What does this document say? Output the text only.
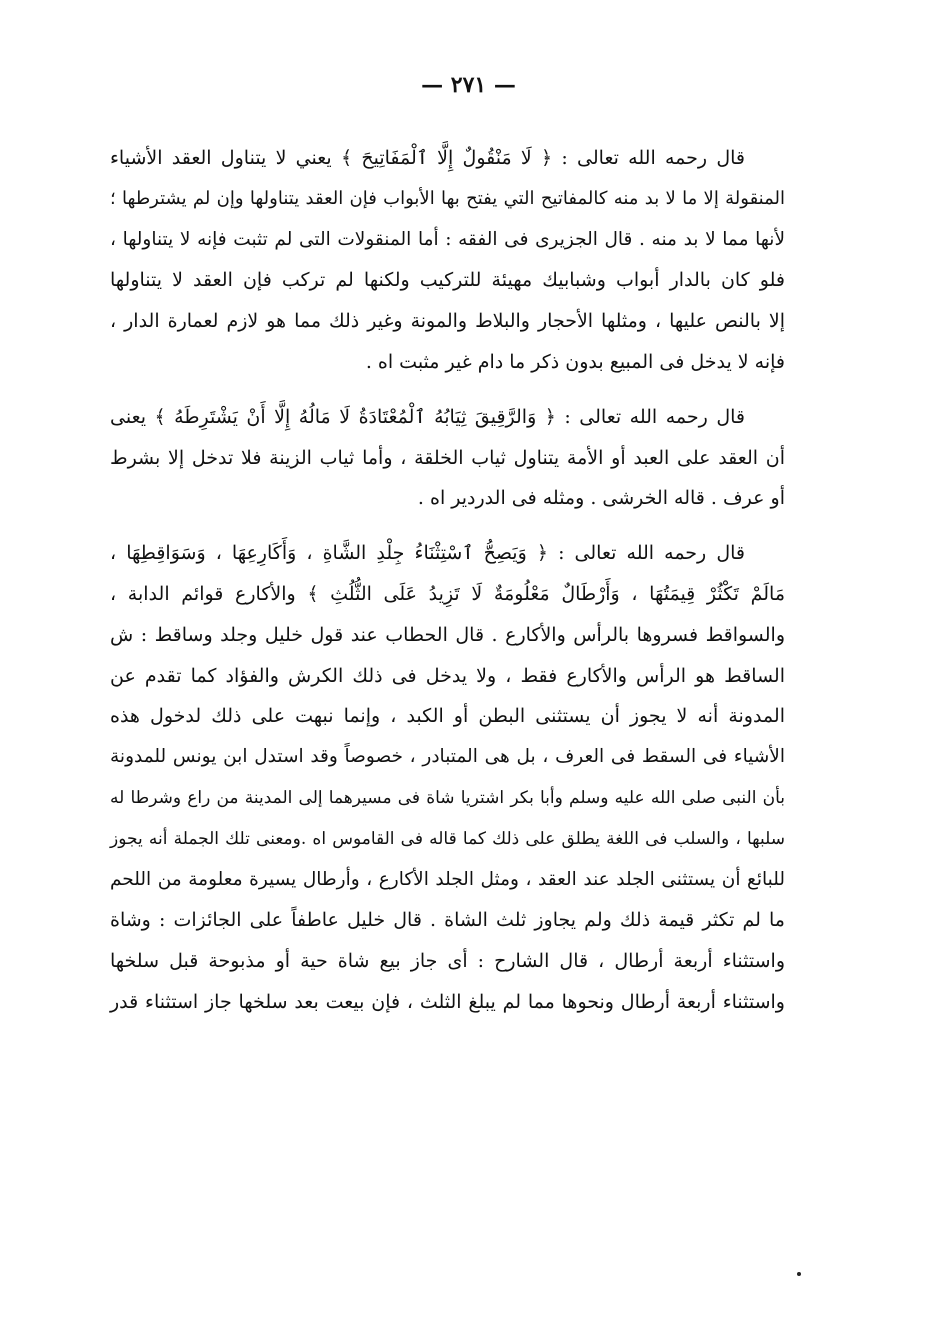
— ٢٧١ —
قال رحمه الله تعالى : ﴿ لَا مَنْقُولٌ إِلَّا ٱلْمَفَاتِيحَ ﴾ يعني لا يتناول العقد الأشياء
المنقولة إلا ما لا بد منه كالمفاتيح التي يفتح بها الأبواب فإن العقد يتناولها وإن لم يشترطها ؛
لأنها مما لا بد منه . قال الجزيرى فى الفقه : أما المنقولات التى لم تثبت فإنه لا يتناولها ،
فلو كان بالدار أبواب وشبابيك مهيئة للتركيب ولكنها لم تركب فإن العقد لا يتناولها
إلا بالنص عليها ، ومثلها الأحجار والبلاط والمونة وغير ذلك مما هو لازم لعمارة الدار ،
فإنه لا يدخل فى المبيع بدون ذكر ما دام غير مثبت اه .
قال رحمه الله تعالى : ﴿ وَالرَّقِيقَ ثِيَابُهُ ٱلْمُعْتَادَةُ لَا مَالُهُ إِلَّا أَنْ يَشْتَرِطَهُ ﴾ يعنى
أن العقد على العبد أو الأمة يتناول ثياب الخلقة ، وأما ثياب الزينة فلا تدخل إلا بشرط
أو عرف . قاله الخرشى . ومثله فى الدردير اه .
قال رحمه الله تعالى : ﴿ وَيَصِحُّ ٱسْتِثْنَاءُ جِلْدِ الشَّاةِ ، وَأَكَارِعِهَا ، وَسَوَاقِطِهَا ،
مَالَمْ تَكْثُرْ قِيمَتُهَا ، وَأَرْطَالٌ مَعْلُومَةٌ لَا تَزِيدُ عَلَى الثُّلُثِ ﴾ والأكارع قوائم الدابة ،
والسواقط فسروها بالرأس والأكارع . قال الحطاب عند قول خليل وجلد وساقط : ش
الساقط هو الرأس والأكارع فقط ، ولا يدخل فى ذلك الكرش والفؤاد كما تقدم عن
المدونة أنه لا يجوز أن يستثنى البطن أو الكبد ، وإنما نبهت على ذلك لدخول هذه
الأشياء فى السقط فى العرف ، بل هى المتبادر ، خصوصاً وقد استدل ابن يونس للمدونة
بأن النبى صلى الله عليه وسلم وأبا بكر اشتريا شاة فى مسيرهما إلى المدينة من راع وشرطا له
سلبها ، والسلب فى اللغة يطلق على ذلك كما قاله فى القاموس اه .ومعنى تلك الجملة أنه يجوز
للبائع أن يستثنى الجلد عند العقد ، ومثل الجلد الأكارع ، وأرطال يسيرة معلومة من اللحم
ما لم تكثر قيمة ذلك ولم يجاوز ثلث الشاة . قال خليل عاطفاً على الجائزات : وشاة
واستثناء أربعة أرطال ، قال الشارح : أى جاز بيع شاة حية أو مذبوحة قبل سلخها
واستثناء أربعة أرطال ونحوها مما لم يبلغ الثلث ، فإن بيعت بعد سلخها جاز استثناء قدر
